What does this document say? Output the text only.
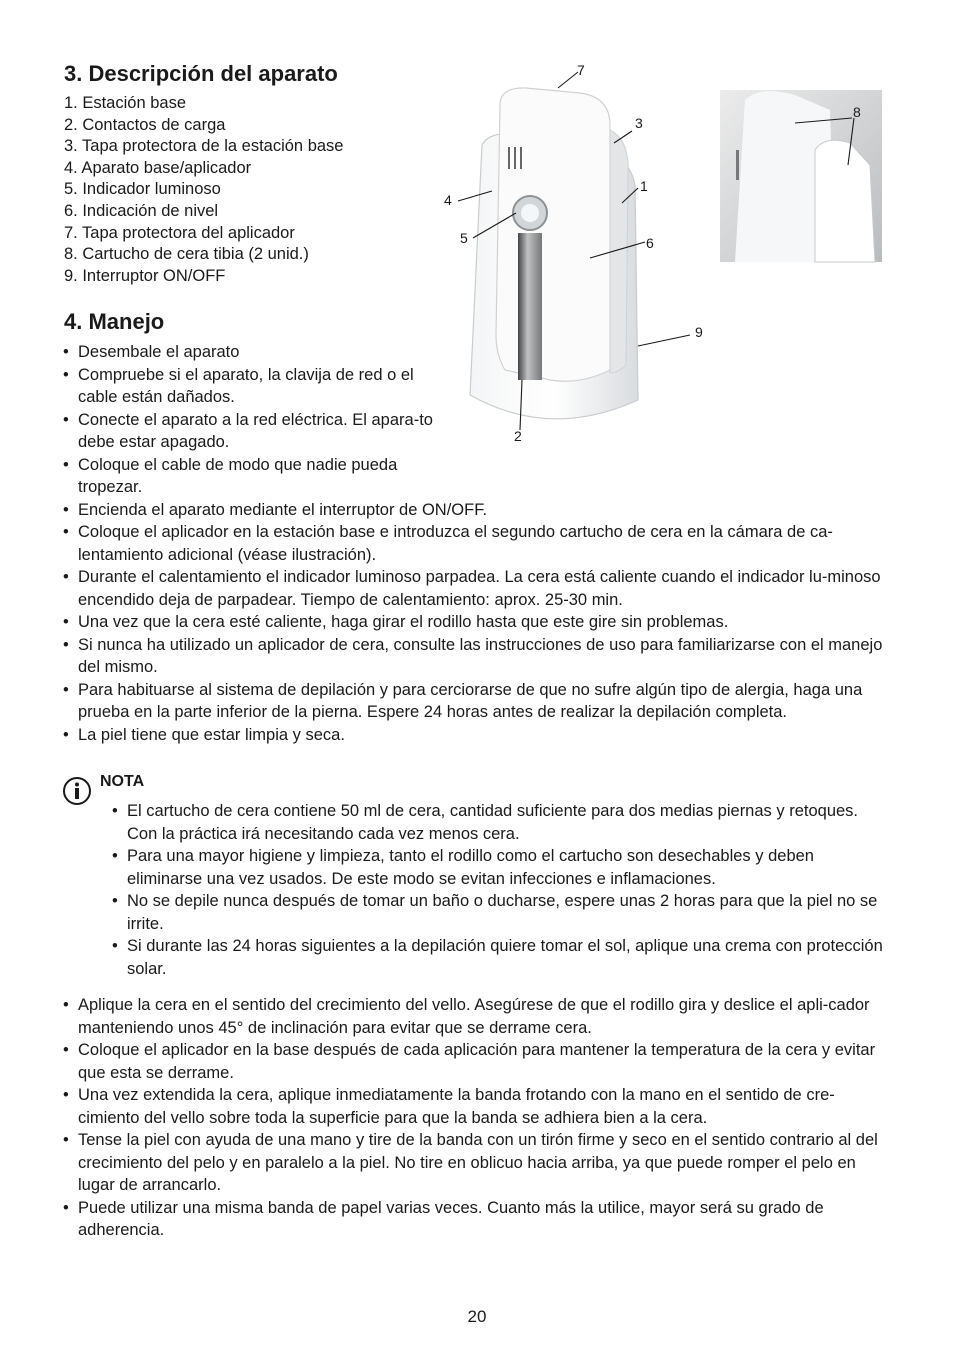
3. Descripción del aparato
1. Estación base
2. Contactos de carga
3. Tapa protectora de la estación base
4. Aparato base/aplicador
5. Indicador luminoso
6. Indicación de nivel
7. Tapa protectora del aplicador
8. Cartucho de cera tibia (2 unid.)
9. Interruptor ON/OFF
7
3
1
4
5	6
9
2
8
4. Manejo
• Desembale el aparato
• Compruebe si el aparato, la clavija de red o el cable están dañados.
• Conecte el aparato a la red eléctrica. El apara-to debe estar apagado.
• Coloque el cable de modo que nadie pueda tropezar.
• Encienda el aparato mediante el interruptor de ON/OFF.
• Coloque el aplicador en la estación base e introduzca el segundo cartucho de cera en la cámara de ca-lentamiento adicional (véase ilustración).
• Durante el calentamiento el indicador luminoso parpadea. La cera está caliente cuando el indicador lu-minoso encendido deja de parpadear. Tiempo de calentamiento: aprox. 25-30 min.
• Una vez que la cera esté caliente, haga girar el rodillo hasta que este gire sin problemas.
• Si nunca ha utilizado un aplicador de cera, consulte las instrucciones de uso para familiarizarse con el manejo del mismo.
• Para habituarse al sistema de depilación y para cerciorarse de que no sufre algún tipo de alergia, haga una prueba en la parte inferior de la pierna. Espere 24 horas antes de realizar la depilación completa.
• La piel tiene que estar limpia y seca.
NOTA
• El cartucho de cera contiene 50 ml de cera, cantidad suficiente para dos medias piernas y retoques. Con la práctica irá necesitando cada vez menos cera.
• Para una mayor higiene y limpieza, tanto el rodillo como el cartucho son desechables y deben eliminarse una vez usados. De este modo se evitan infecciones e inflamaciones.
• No se depile nunca después de tomar un baño o ducharse, espere unas 2 horas para que la piel no se irrite.
• Si durante las 24 horas siguientes a la depilación quiere tomar el sol, aplique una crema con protección solar.
• Aplique la cera en el sentido del crecimiento del vello. Asegúrese de que el rodillo gira y deslice el apli-cador manteniendo unos 45° de inclinación para evitar que se derrame cera.
• Coloque el aplicador en la base después de cada aplicación para mantener la temperatura de la cera y evitar que esta se derrame.
• Una vez extendida la cera, aplique inmediatamente la banda frotando con la mano en el sentido de cre-cimiento del vello sobre toda la superficie para que la banda se adhiera bien a la cera.
• Tense la piel con ayuda de una mano y tire de la banda con un tirón firme y seco en el sentido contrario al del crecimiento del pelo y en paralelo a la piel. No tire en oblicuo hacia arriba, ya que puede romper el pelo en lugar de arrancarlo.
• Puede utilizar una misma banda de papel varias veces. Cuanto más la utilice, mayor será su grado de adherencia.
20
